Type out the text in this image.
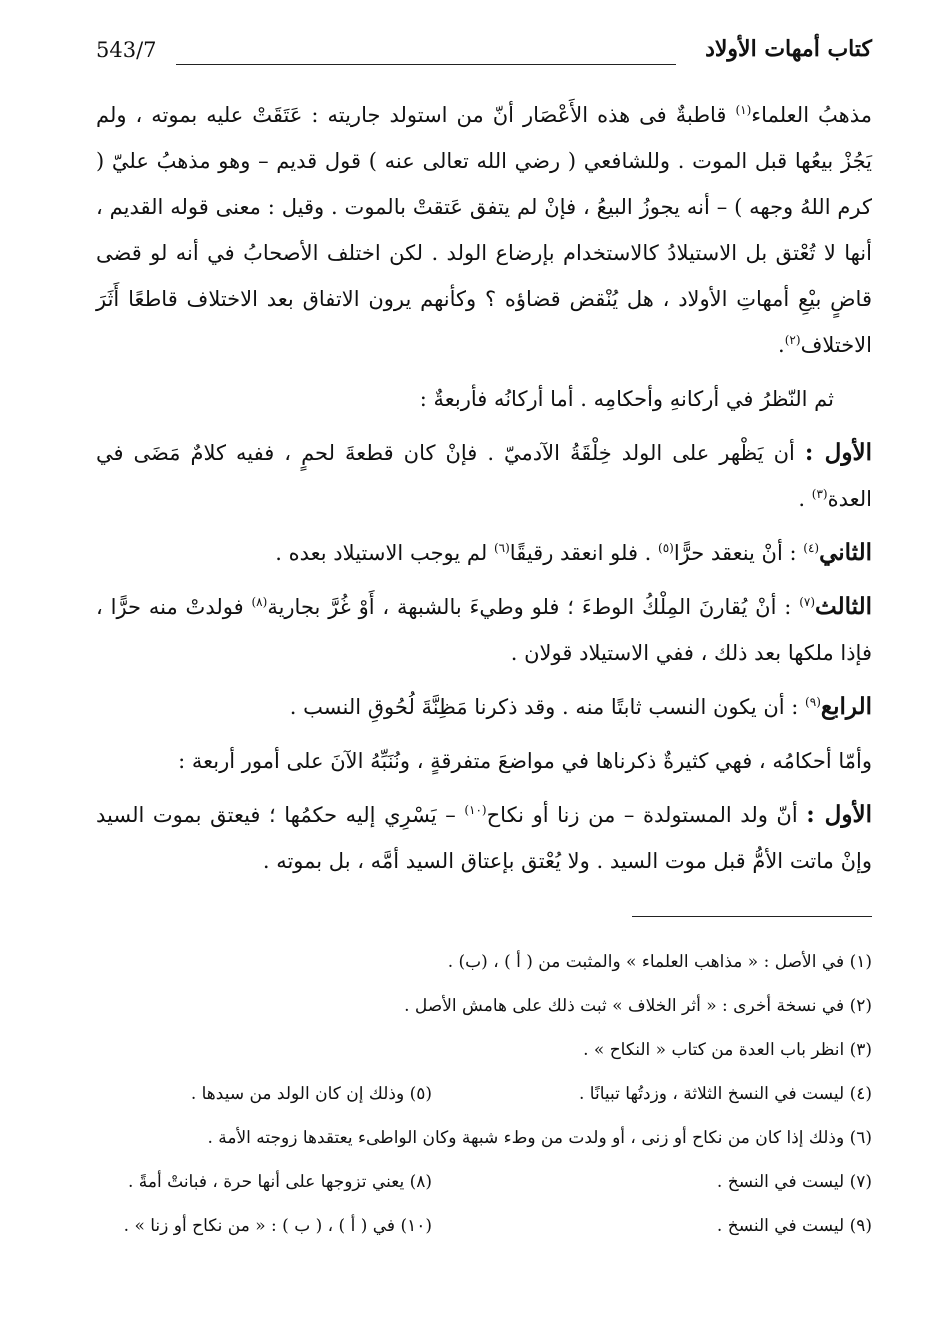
كتاب أمهات الأولاد
543/7

مذهبُ العلماء$^{(١)}$ قاطبةٌ فى هذه الأَعْصَار أنّ من استولد جاريته : عَتَقَتْ عليه بموته ، ولم يَجُزْ بيعُها قبل الموت . وللشافعي ( رضي الله تعالى عنه ) قول قديم – وهو مذهبُ عليّ ( كرم اللهُ وجهه ) – أنه يجوزُ البيعُ ، فإنْ لم يتفق عَتقتْ بالموت . وقيل : معنى قوله القديم ، أنها لا تُعْتق بل الاستيلادُ كالاستخدام بإرضاع الولد . لكن اختلف الأصحابُ في أنه لو قضى قاضٍ بيْعِ أمهاتِ الأولاد ، هل يُنْقض قضاؤه ؟ وكأنهم يرون الاتفاق بعد الاختلاف قاطعًا أَثَرَ الاختلاف$^{(٢)}$.

ثم النّظرُ في أركانهِ وأحكامِه . أما أركانُه فأربعةٌ :

الأول : أن يَظْهر على الولد خِلْقَةُ الآدميّ . فإنْ كان قطعةَ لحمٍ ، ففيه كلامٌ مَضَى في العدة$^{(٣)}$ .

الثاني$^{(٤)}$ : أنْ ينعقد حرًّا$^{(٥)}$ . فلو انعقد رقيقًا$^{(٦)}$ لم يوجب الاستيلاد بعده .

الثالث$^{(٧)}$ : أنْ يُقارنَ المِلْكُ الوطءَ ؛ فلو وطيءَ بالشبهة ، أَوْ غُرَّ بجارية$^{(٨)}$ فولدتْ منه حرًّا ، فإذا ملكها بعد ذلك ، ففي الاستيلاد قولان .

الرابع$^{(٩)}$ : أن يكون النسب ثابتًا منه . وقد ذكرنا مَظِنَّةَ لُحُوقِ النسب .

وأمّا أحكامُه ، فهي كثيرةٌ ذكرناها في مواضعَ متفرقةٍ ، ونُنَبِّهُ الآنَ على أمور أربعة :

الأول : أنّ ولد المستولدة – من زنا أو نكاح$^{(١٠)}$ – يَسْرِي إليه حكمُها ؛ فيعتق بموت السيد وإنْ ماتت الأمُّ قبل موت السيد . ولا يُعْتق بإعتاق السيد أمَّه ، بل بموته .

(١) في الأصل : « مذاهب العلماء » والمثبت من ( أ ) ، (ب) .
(٢) في نسخة أخرى : « أثر الخلاف » ثبت ذلك على هامش الأصل .
(٣) انظر باب العدة من كتاب « النكاح » .
(٤) ليست في النسخ الثلاثة ، وزدتُها تبيانًا .
(٥) وذلك إن كان الولد من سيدها .
(٦) وذلك إذا كان من نكاح أو زنى ، أو ولدت من وطء شبهة وكان الواطىء يعتقدها زوجته الأمة .
(٧) ليست في النسخ .
(٨) يعني تزوجها على أنها حرة ، فبانتْ أمةً .
(٩) ليست في النسخ .
(١٠) في ( أ ) ، ( ب ) : « من نكاح أو زنا » .
